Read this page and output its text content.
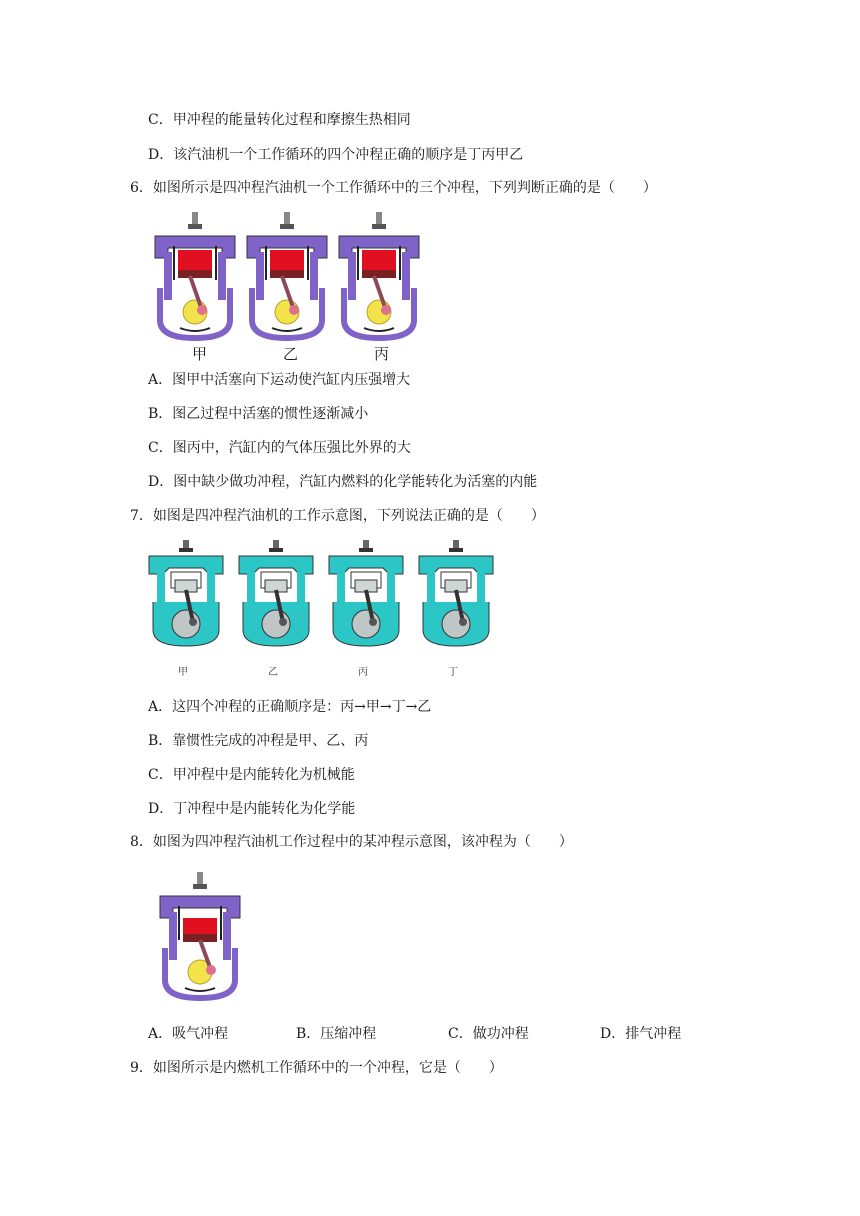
C．甲冲程的能量转化过程和摩擦生热相同
D．该汽油机一个工作循环的四个冲程正确的顺序是丁丙甲乙
6．如图所示是四冲程汽油机一个工作循环中的三个冲程，下列判断正确的是（　　）
甲	乙	丙
A．图甲中活塞向下运动使汽缸内压强增大
B．图乙过程中活塞的惯性逐渐减小
C．图丙中，汽缸内的气体压强比外界的大
D．图中缺少做功冲程，汽缸内燃料的化学能转化为活塞的内能
7．如图是四冲程汽油机的工作示意图，下列说法正确的是（　　）
甲	乙	丙	丁
A．这四个冲程的正确顺序是：丙→甲→丁→乙
B．靠惯性完成的冲程是甲、乙、丙
C．甲冲程中是内能转化为机械能
D．丁冲程中是内能转化为化学能
8．如图为四冲程汽油机工作过程中的某冲程示意图，该冲程为（　　）
A．吸气冲程	B．压缩冲程	C．做功冲程	D．排气冲程
9．如图所示是内燃机工作循环中的一个冲程，它是（　　）
